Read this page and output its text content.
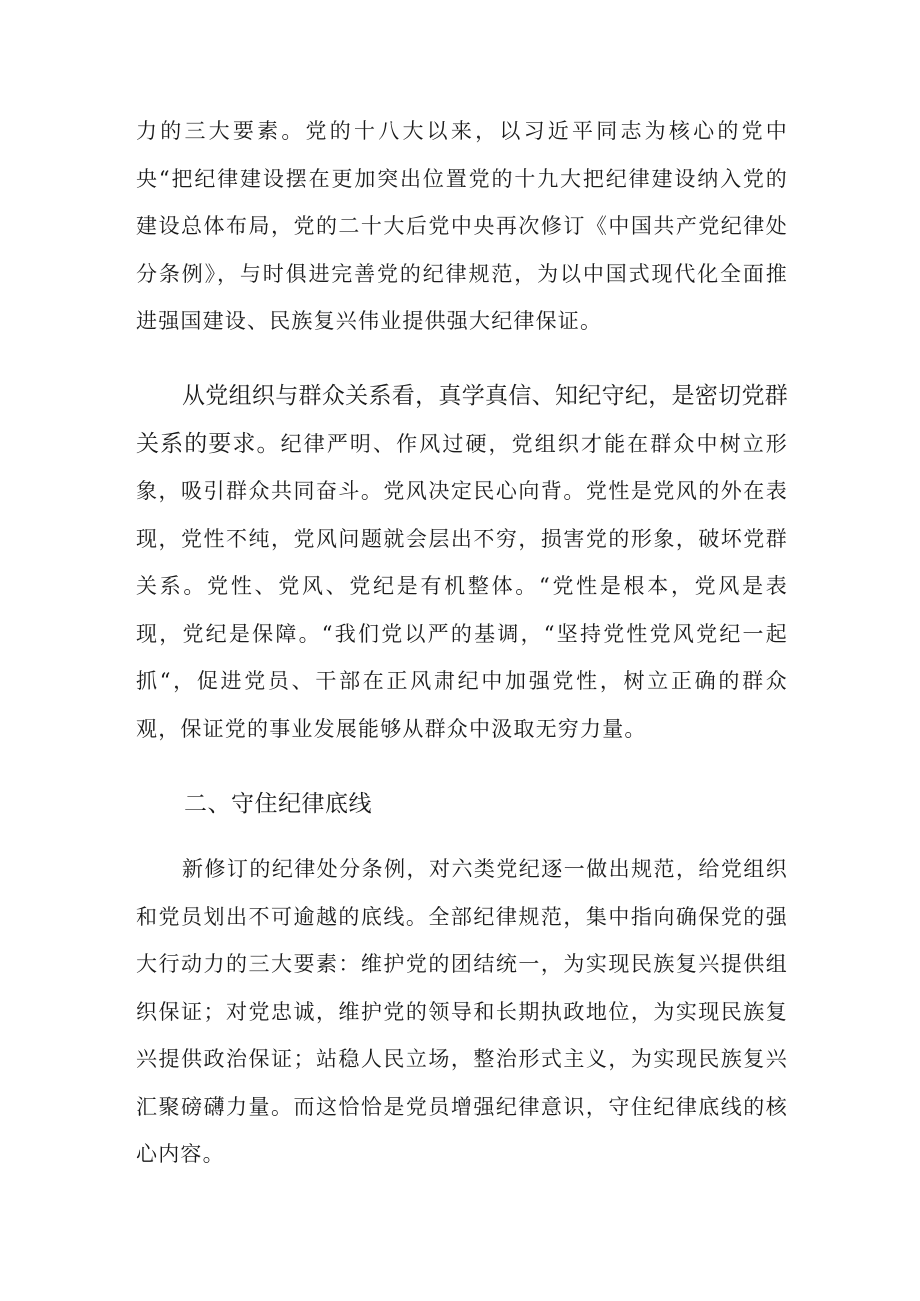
力的三大要素。党的十八大以来，以习近平同志为核心的党中央“把纪律建设摆在更加突出位置党的十九大把纪律建设纳入党的建设总体布局，党的二十大后党中央再次修订《中国共产党纪律处分条例》，与时俱进完善党的纪律规范，为以中国式现代化全面推进强国建设、民族复兴伟业提供强大纪律保证。

从党组织与群众关系看，真学真信、知纪守纪，是密切党群关系的要求。纪律严明、作风过硬，党组织才能在群众中树立形象，吸引群众共同奋斗。党风决定民心向背。党性是党风的外在表现，党性不纯，党风问题就会层出不穷，损害党的形象，破坏党群关系。党性、党风、党纪是有机整体。“党性是根本，党风是表现，党纪是保障。“我们党以严的基调，“坚持党性党风党纪一起抓“，促进党员、干部在正风肃纪中加强党性，树立正确的群众观，保证党的事业发展能够从群众中汲取无穷力量。

二、守住纪律底线

新修订的纪律处分条例，对六类党纪逐一做出规范，给党组织和党员划出不可逾越的底线。全部纪律规范，集中指向确保党的强大行动力的三大要素：维护党的团结统一，为实现民族复兴提供组织保证；对党忠诚，维护党的领导和长期执政地位，为实现民族复兴提供政治保证；站稳人民立场，整治形式主义，为实现民族复兴汇聚磅礴力量。而这恰恰是党员增强纪律意识，守住纪律底线的核心内容。
